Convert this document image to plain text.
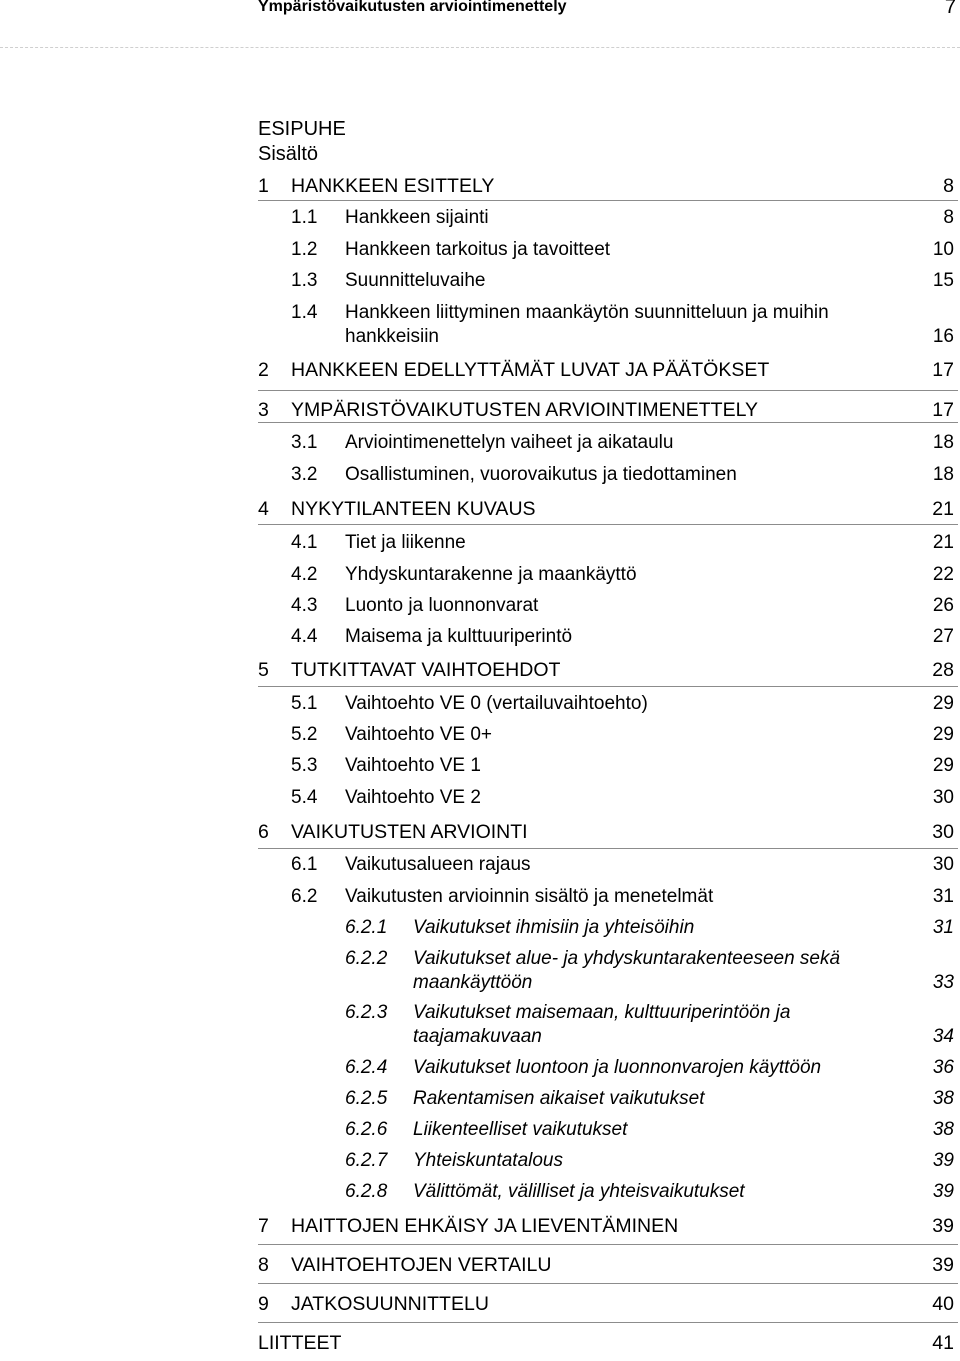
Ympäristövaikutusten arviointimenettely	7
ESIPUHE
Sisältö
1 HANKKEEN ESITTELY	8
1.1 Hankkeen sijainti	8
1.2 Hankkeen tarkoitus ja tavoitteet	10
1.3 Suunnitteluvaihe	15
1.4 Hankkeen liittyminen maankäytön suunnitteluun ja muihin
hankkeisiin	16
2 HANKKEEN EDELLYTTÄMÄT LUVAT JA PÄÄTÖKSET	17
3 YMPÄRISTÖVAIKUTUSTEN ARVIOINTIMENETTELY	17
3.1 Arviointimenettelyn vaiheet ja aikataulu	18
3.2 Osallistuminen, vuorovaikutus ja tiedottaminen	18
4 NYKYTILANTEEN KUVAUS	21
4.1 Tiet ja liikenne	21
4.2 Yhdyskuntarakenne ja maankäyttö	22
4.3 Luonto ja luonnonvarat	26
4.4 Maisema ja kulttuuriperintö	27
5 TUTKITTAVAT VAIHTOEHDOT	28
5.1 Vaihtoehto VE 0 (vertailuvaihtoehto)	29
5.2 Vaihtoehto VE 0+	29
5.3 Vaihtoehto VE 1	29
5.4 Vaihtoehto VE 2	30
6 VAIKUTUSTEN ARVIOINTI	30
6.1 Vaikutusalueen rajaus	30
6.2 Vaikutusten arvioinnin sisältö ja menetelmät	31
6.2.1 Vaikutukset ihmisiin ja yhteisöihin	31
6.2.2 Vaikutukset alue- ja yhdyskuntarakenteeseen sekä
maankäyttöön	33
6.2.3 Vaikutukset maisemaan, kulttuuriperintöön ja
taajamakuvaan	34
6.2.4 Vaikutukset luontoon ja luonnonvarojen käyttöön	36
6.2.5 Rakentamisen aikaiset vaikutukset	38
6.2.6 Liikenteelliset vaikutukset	38
6.2.7 Yhteiskuntatalous	39
6.2.8 Välittömät, välilliset ja yhteisvaikutukset	39
7 HAITTOJEN EHKÄISY JA LIEVENTÄMINEN	39
8 VAIHTOEHTOJEN VERTAILU	39
9 JATKOSUUNNITTELU	40
LIITTEET	41
